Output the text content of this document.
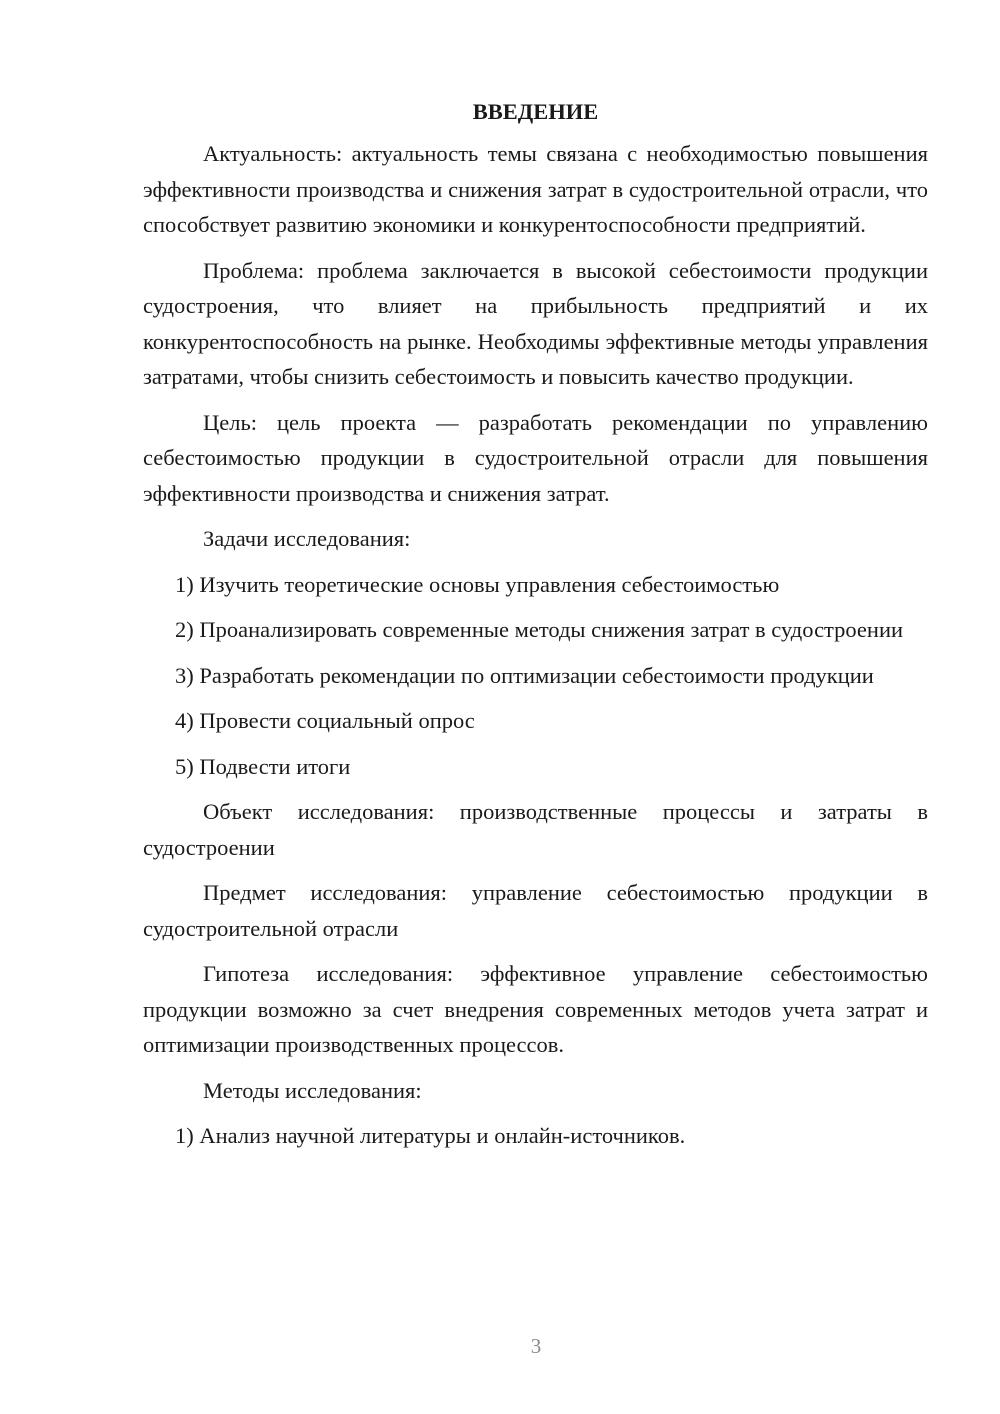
ВВЕДЕНИЕ

Актуальность: актуальность темы связана с необходимостью повышения эффективности производства и снижения затрат в судостроительной отрасли, что способствует развитию экономики и конкурентоспособности предприятий.

Проблема: проблема заключается в высокой себестоимости продукции судостроения, что влияет на прибыльность предприятий и их конкурентоспособность на рынке. Необходимы эффективные методы управления затратами, чтобы снизить себестоимость и повысить качество продукции.

Цель: цель проекта — разработать рекомендации по управлению себестоимостью продукции в судостроительной отрасли для повышения эффективности производства и снижения затрат.

Задачи исследования:

1) Изучить теоретические основы управления себестоимостью

2) Проанализировать современные методы снижения затрат в судостроении

3) Разработать рекомендации по оптимизации себестоимости продукции

4) Провести социальный опрос

5) Подвести итоги

Объект исследования: производственные процессы и затраты в судостроении

Предмет исследования: управление себестоимостью продукции в судостроительной отрасли

Гипотеза исследования: эффективное управление себестоимостью продукции возможно за счет внедрения современных методов учета затрат и оптимизации производственных процессов.

Методы исследования:

1) Анализ научной литературы и онлайн-источников.

3
